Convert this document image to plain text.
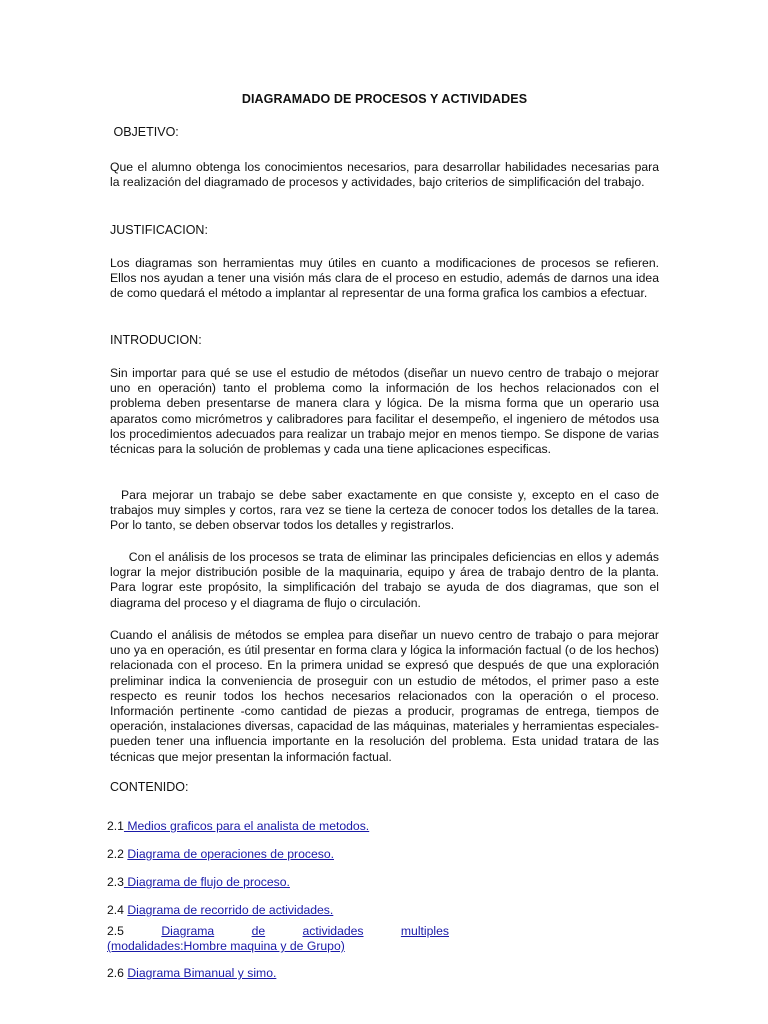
DIAGRAMADO DE PROCESOS Y ACTIVIDADES
OBJETIVO:
Que el alumno obtenga los conocimientos necesarios, para desarrollar habilidades necesarias para la realización del diagramado de procesos y actividades, bajo criterios de simplificación del trabajo.
JUSTIFICACION:
Los diagramas son herramientas muy útiles en cuanto a modificaciones de procesos se refieren. Ellos nos ayudan a tener una visión más clara de el proceso en estudio, además de darnos una idea de como quedará el método a implantar al representar de una forma grafica los cambios a efectuar.
INTRODUCION:
Sin importar para qué se use el estudio de métodos (diseñar un nuevo centro de trabajo o mejorar uno en operación) tanto el problema como la información de los hechos relacionados con el problema deben presentarse de manera clara y lógica. De la misma forma que un operario usa aparatos como micrómetros y calibradores para facilitar el desempeño, el ingeniero de métodos usa los procedimientos adecuados para realizar un trabajo mejor en menos tiempo. Se dispone de varias técnicas para la solución de problemas y cada una tiene aplicaciones especificas.
Para mejorar un trabajo se debe saber exactamente en que consiste y, excepto en el caso de trabajos muy simples y cortos, rara vez se tiene la certeza de conocer todos los detalles de la tarea. Por lo tanto, se deben observar todos los detalles y registrarlos.
Con el análisis de los procesos se trata de eliminar las principales deficiencias en ellos y además lograr la mejor distribución posible de la maquinaria, equipo y área de trabajo dentro de la planta. Para lograr este propósito, la simplificación del trabajo se ayuda de dos diagramas, que son el diagrama del proceso y el diagrama de flujo o circulación.
Cuando el análisis de métodos se emplea para diseñar un nuevo centro de trabajo o para mejorar uno ya en operación, es útil presentar en forma clara y lógica la información factual (o de los hechos) relacionada con el proceso. En la primera unidad se expresó que después de que una exploración preliminar indica la conveniencia de proseguir con un estudio de métodos, el primer paso a este respecto es reunir todos los hechos necesarios relacionados con la operación o el proceso. Información pertinente -como cantidad de piezas a producir, programas de entrega, tiempos de operación, instalaciones diversas, capacidad de las máquinas, materiales y herramientas especiales- pueden tener una influencia importante en la resolución del problema. Esta unidad tratara de las técnicas que mejor presentan la información factual.
CONTENIDO:
2.1 Medios graficos para el analista de metodos.
2.2 Diagrama de operaciones de proceso.
2.3 Diagrama de flujo de proceso.
2.4 Diagrama de recorrido de actividades.
2.5	Diagrama	de	actividades	multiples
(modalidades:Hombre maquina y de Grupo)
2.6 Diagrama Bimanual y simo.
